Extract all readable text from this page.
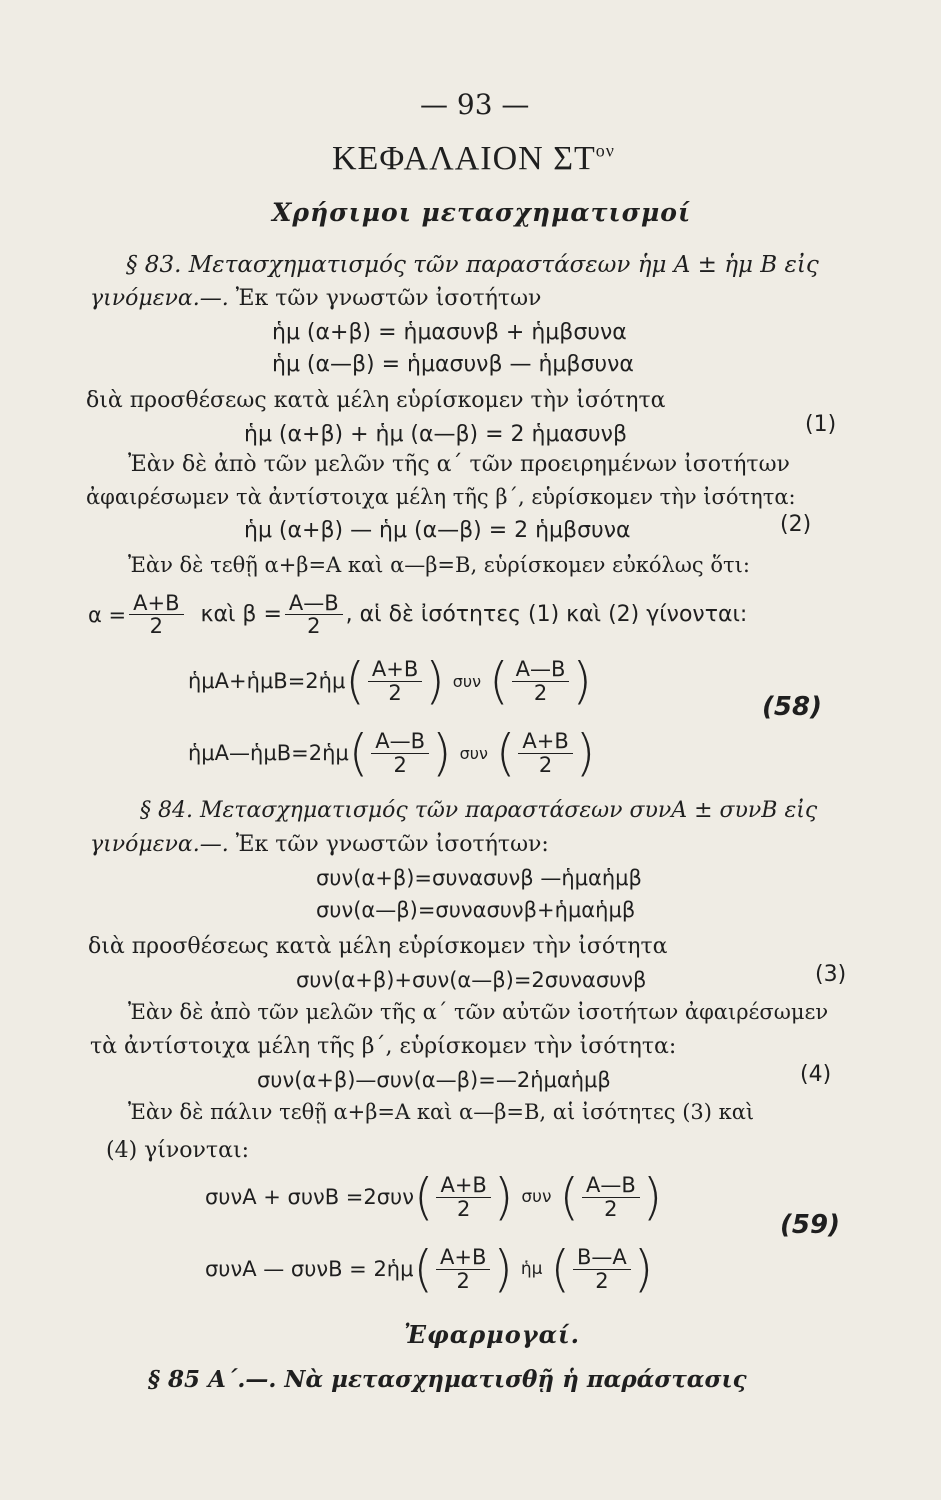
— 93 —
ΚΕΦΑΛΑΙΟΝ $\Sigma T^{o\nu}$
Χρήσιμοι μετασχηματισμοί
§ 83. Μετασχηματισμός τῶν παραστάσεων ἡμ Α ± ἡμ Β εἰς
γινόμενα.—. Ἐκ τῶν γνωστῶν ἰσοτήτων
ἡμ (α+β) = ἡμασυνβ + ἡμβσυνα
ἡμ (α—β) = ἡμασυνβ — ἡμβσυνα
διὰ προσθέσεως κατὰ μέλη εὑρίσκομεν τὴν ἰσότητα
ἡμ (α+β) + ἡμ (α—β) = 2 ἡμασυνβ	(1)
Ἐὰν δὲ ἀπὸ τῶν μελῶν τῆς α΄ τῶν προειρημένων ἰσοτήτων
ἀφαιρέσωμεν τὰ ἀντίστοιχα μέλη τῆς β΄, εὑρίσκομεν τὴν ἰσότητα:
ἡμ (α+β) — ἡμ (α—β) = 2 ἡμβσυνα	(2)
Ἐὰν δὲ τεθῇ α+β=Α καὶ α—β=Β, εὑρίσκομεν εὐκόλως ὅτι:
$\alpha = \frac{A+B}{2}$ καὶ $\beta = \frac{A—B}{2}$ , αἱ δὲ ἰσότητες (1) καὶ (2) γίνονται:
ἡμΑ+ἡμΒ=2ἡμ ( $\frac{A+B}{2}$ ) συν ( $\frac{A—B}{2}$ )	(58)
ἡμΑ—ἡμΒ=2ἡμ ( $\frac{A—B}{2}$ ) συν ( $\frac{A+B}{2}$ )
§ 84. Μετασχηματισμός τῶν παραστάσεων συνΑ ± συνΒ εἰς
γινόμενα.—. Ἐκ τῶν γνωστῶν ἰσοτήτων:
συν(α+β)=συνασυνβ —ἡμαἡμβ
συν(α—β)=συνασυνβ+ἡμαἡμβ
διὰ προσθέσεως κατὰ μέλη εὑρίσκομεν τὴν ἰσότητα
συν(α+β)+συν(α—β)=2συνασυνβ	(3)
Ἐὰν δὲ ἀπὸ τῶν μελῶν τῆς α΄ τῶν αὐτῶν ἰσοτήτων ἀφαιρέσωμεν
τὰ ἀντίστοιχα μέλη τῆς β΄, εὑρίσκομεν τὴν ἰσότητα:
συν(α+β)—συν(α—β)=—2ἡμαἡμβ	(4)
Ἐὰν δὲ πάλιν τεθῇ α+β=Α καὶ α—β=Β, αἱ ἰσότητες (3) καὶ
(4) γίνονται:
συνΑ + συνΒ =2συν ( $\frac{A+B}{2}$ ) συν ( $\frac{A—B}{2}$ )	(59)
συνΑ — συνΒ = 2ἡμ ( $\frac{A+B}{2}$ ) ἡμ ( $\frac{B—A}{2}$ )
Ἐφαρμογαί.
§ 85 Α΄.—. Νὰ μετασχηματισθῇ ἡ παράστασις
